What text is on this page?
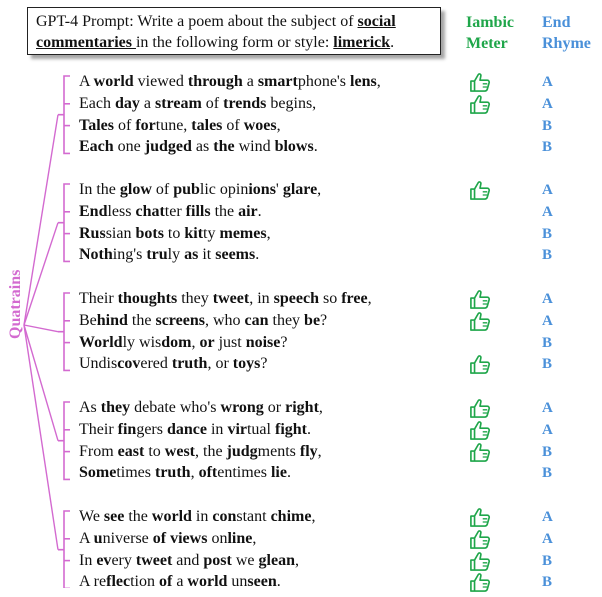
GPT-4 Prompt: Write a poem about the subject of social commentaries in the following form or style: limerick.
Iambic Meter
End Rhyme
A world viewed through a smartphone's lens,	A
Each day a stream of trends begins,	A
Tales of fortune, tales of woes,	B
Each one judged as the wind blows.	B
In the glow of public opinions' glare,	A
Endless chatter fills the air.	A
Russian bots to kitty memes,	B
Nothing's truly as it seems.	B
Their thoughts they tweet, in speech so free,	A
Behind the screens, who can they be?	A
Worldly wisdom, or just noise?	B
Undiscovered truth, or toys?	B
As they debate who's wrong or right,	A
Their fingers dance in virtual fight.	A
From east to west, the judgments fly,	B
Sometimes truth, oftentimes lie.	B
We see the world in constant chime,	A
A universe of views online,	A
In every tweet and post we glean,	B
A reflection of a world unseen.	B
Quatrains
